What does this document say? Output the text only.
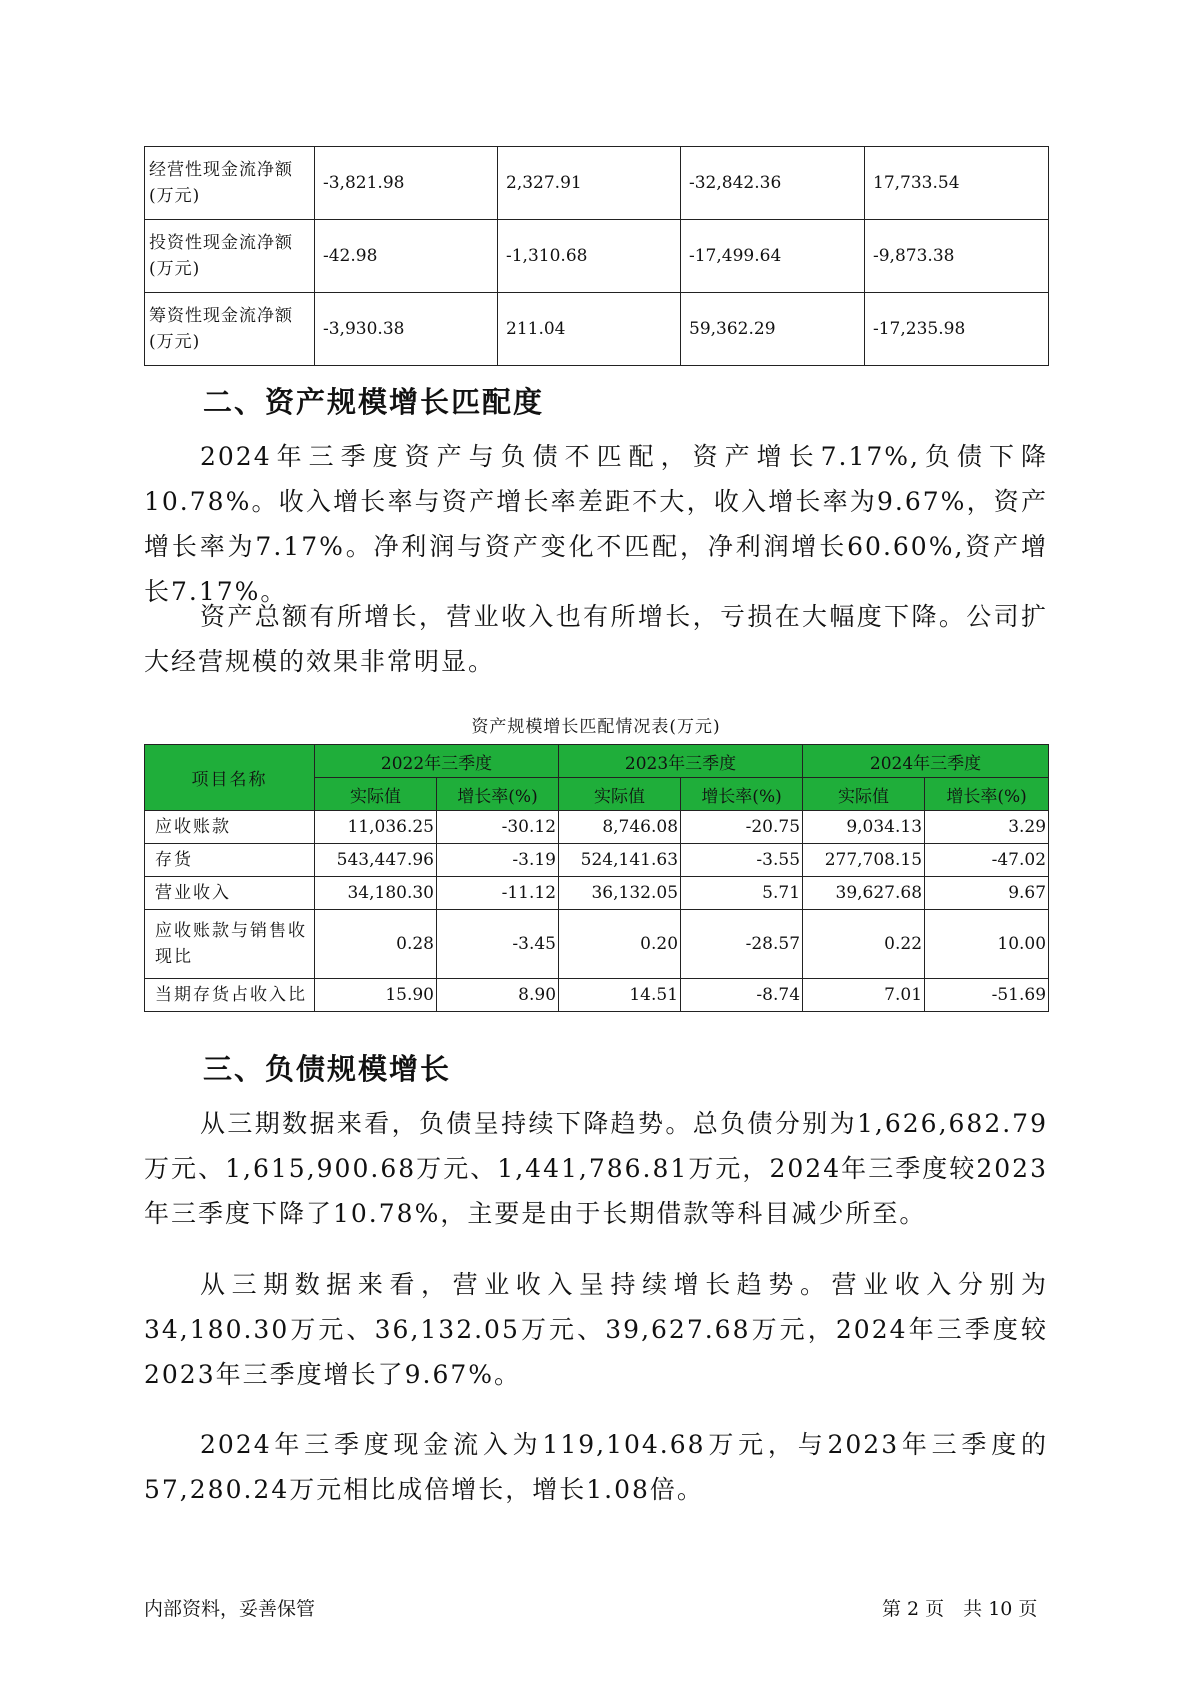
经营性现金流净额(万元)	-3,821.98	2,327.91	-32,842.36	17,733.54
投资性现金流净额(万元)	-42.98	-1,310.68	-17,499.64	-9,873.38
筹资性现金流净额(万元)	-3,930.38	211.04	59,362.29	-17,235.98
二、资产规模增长匹配度

2024年三季度资产与负债不匹配，资产增长7.17%,负债下降10.78%。收入增长率与资产增长率差距不大，收入增长率为9.67%，资产增长率为7.17%。净利润与资产变化不匹配，净利润增长60.60%,资产增长7.17%。

资产总额有所增长，营业收入也有所增长，亏损在大幅度下降。公司扩大经营规模的效果非常明显。

资产规模增长匹配情况表(万元)
项目名称	2022年三季度		2023年三季度		2024年三季度	
	实际值	增长率(%)	实际值	增长率(%)	实际值	增长率(%)
应收账款	11,036.25	-30.12	8,746.08	-20.75	9,034.13	3.29
存货	543,447.96	-3.19	524,141.63	-3.55	277,708.15	-47.02
营业收入	34,180.30	-11.12	36,132.05	5.71	39,627.68	9.67
应收账款与销售收现比	0.28	-3.45	0.20	-28.57	0.22	10.00
当期存货占收入比	15.90	8.90	14.51	-8.74	7.01	-51.69
三、负债规模增长

从三期数据来看，负债呈持续下降趋势。总负债分别为1,626,682.79万元、1,615,900.68万元、1,441,786.81万元，2024年三季度较2023年三季度下降了10.78%，主要是由于长期借款等科目减少所至。

从三期数据来看，营业收入呈持续增长趋势。营业收入分别为34,180.30万元、36,132.05万元、39,627.68万元，2024年三季度较2023年三季度增长了9.67%。

2024年三季度现金流入为119,104.68万元，与2023年三季度的57,280.24万元相比成倍增长，增长1.08倍。

内部资料，妥善保管	第 2 页　共 10 页
